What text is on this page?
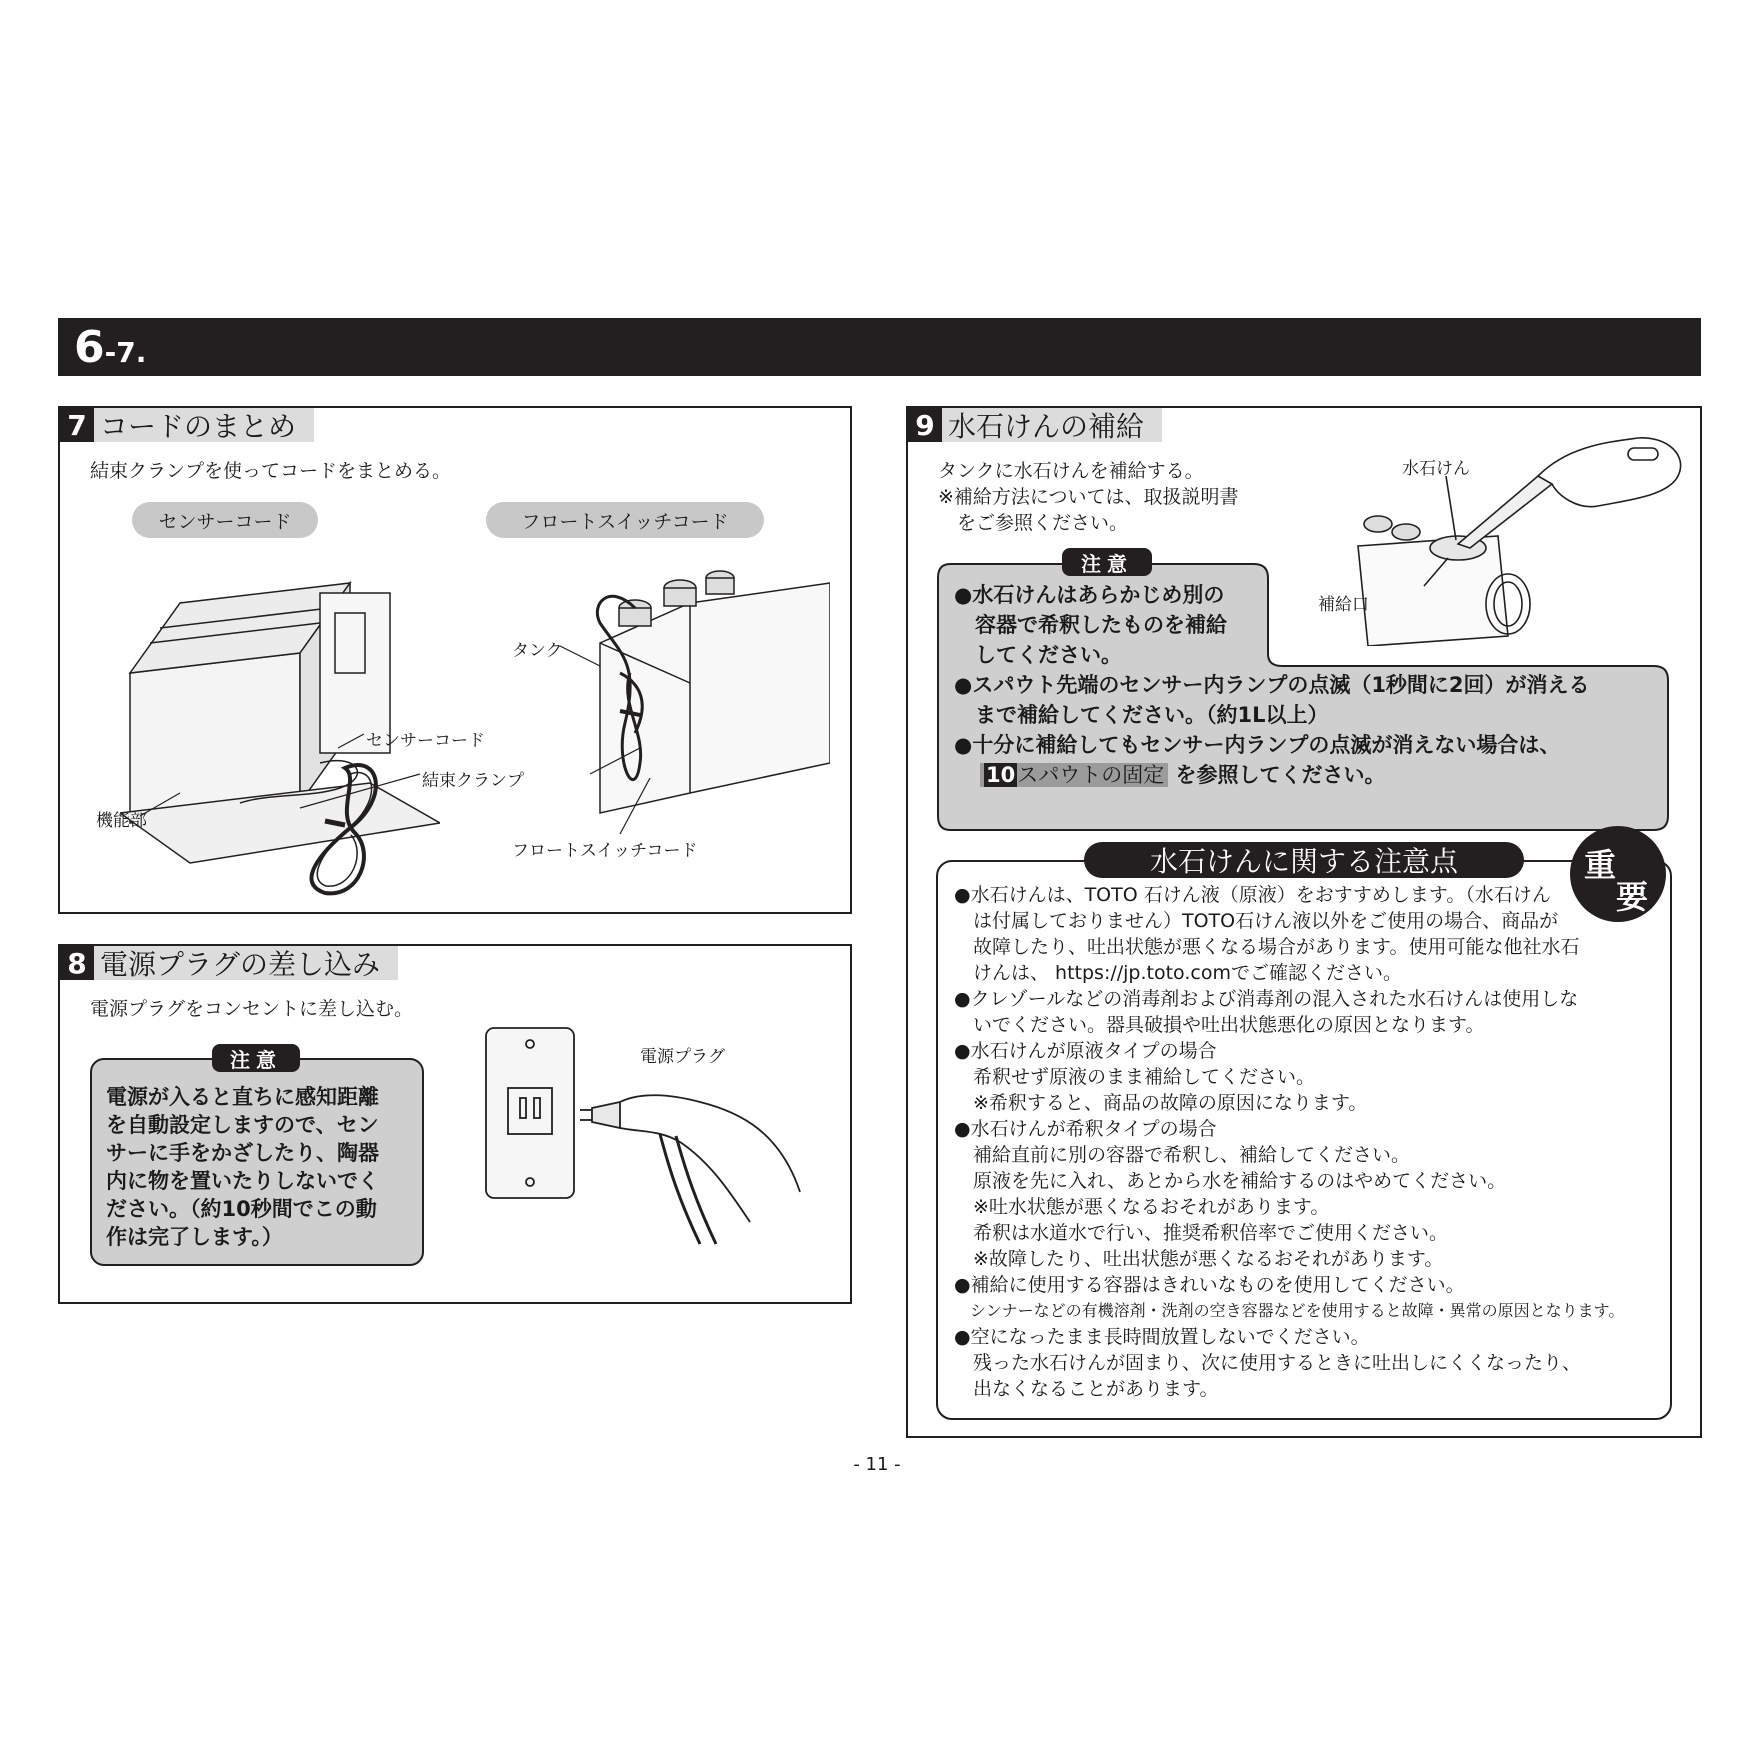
6-7.
7 コードのまとめ
結束クランプを使ってコードをまとめる。
センサーコード	フロートスイッチコード
タンク
センサーコード
結束クランプ
機能部
フロートスイッチコード
8 電源プラグの差し込み
電源プラグをコンセントに差し込む。
電源が入ると直ちに感知距離
を自動設定しますので、セン
サーに手をかざしたり、陶器
内に物を置いたりしないでく
ださい。（約10秒間でこの動
作は完了します。）
注意	電源プラグ
9 水石けんの補給
タンクに水石けんを補給する。
※補給方法については、取扱説明書
　をご参照ください。
水石けん
補給口
注意
●水石けんはあらかじめ別の
　容器で希釈したものを補給
　してください。
●スパウト先端のセンサー内ランプの点滅（1秒間に2回）が消える
　まで補給してください。（約1L以上）
●十分に補給してもセンサー内ランプの点滅が消えない場合は、
10スパウトの固定 を参照してください。
水石けんに関する注意点	重
要
●水石けんは、TOTO 石けん液（原液）をおすすめします。（水石けん
　は付属しておりません）TOTO石けん液以外をご使用の場合、商品が
　故障したり、吐出状態が悪くなる場合があります。使用可能な他社水石
　けんは、 https://jp.toto.comでご確認ください。
●クレゾールなどの消毒剤および消毒剤の混入された水石けんは使用しな
　いでください。器具破損や吐出状態悪化の原因となります。
●水石けんが原液タイプの場合
　希釈せず原液のまま補給してください。
　※希釈すると、商品の故障の原因になります。
●水石けんが希釈タイプの場合
　補給直前に別の容器で希釈し、補給してください。
　原液を先に入れ、あとから水を補給するのはやめてください。
　※吐水状態が悪くなるおそれがあります。
　希釈は水道水で行い、推奨希釈倍率でご使用ください。
　※故障したり、吐出状態が悪くなるおそれがあります。
●補給に使用する容器はきれいなものを使用してください。
　シンナーなどの有機溶剤・洗剤の空き容器などを使用すると故障・異常の原因となります。
●空になったまま長時間放置しないでください。
　残った水石けんが固まり、次に使用するときに吐出しにくくなったり、
　出なくなることがあります。
- 11 -
